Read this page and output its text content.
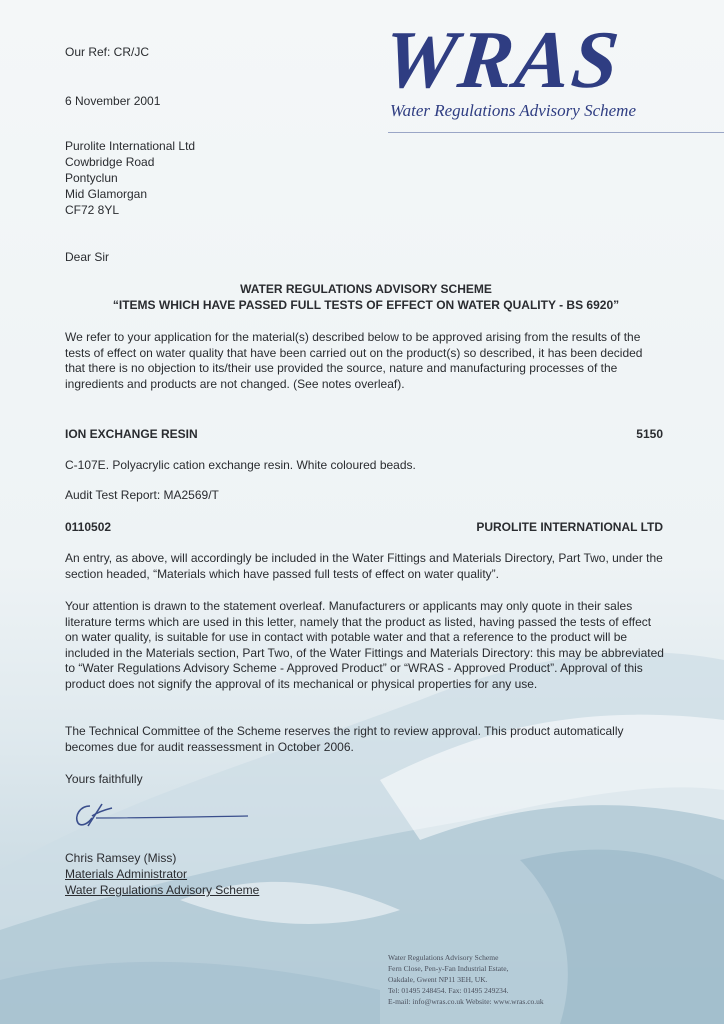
WRAS
Water Regulations Advisory Scheme
Our Ref: CR/JC
6 November 2001
Purolite International Ltd
Cowbridge Road
Pontyclun
Mid Glamorgan
CF72 8YL
Dear Sir
WATER REGULATIONS ADVISORY SCHEME
“ITEMS WHICH HAVE PASSED FULL TESTS OF EFFECT ON WATER QUALITY - BS 6920”
We refer to your application for the material(s) described below to be approved arising from the results of the tests of effect on water quality that have been carried out on the product(s) so described, it has been decided that there is no objection to its/their use provided the source, nature and manufacturing processes of the ingredients and products are not changed. (See notes overleaf).
ION EXCHANGE RESIN	5150
C-107E. Polyacrylic cation exchange resin. White coloured beads.
Audit Test Report: MA2569/T
0110502	PUROLITE INTERNATIONAL LTD
An entry, as above, will accordingly be included in the Water Fittings and Materials Directory, Part Two, under the section headed, “Materials which have passed full tests of effect on water quality”.
Your attention is drawn to the statement overleaf. Manufacturers or applicants may only quote in their sales literature terms which are used in this letter, namely that the product as listed, having passed the tests of effect on water quality, is suitable for use in contact with potable water and that a reference to the product will be included in the Materials section, Part Two, of the Water Fittings and Materials Directory: this may be abbreviated to “Water Regulations Advisory Scheme - Approved Product” or “WRAS - Approved Product”. Approval of this product does not signify the approval of its mechanical or physical properties for any use.
The Technical Committee of the Scheme reserves the right to review approval. This product automatically becomes due for audit reassessment in October 2006.
Yours faithfully
Chris Ramsey (Miss)
Materials Administrator
Water Regulations Advisory Scheme
Water Regulations Advisory Scheme
Fern Close, Pen-y-Fan Industrial Estate,
Oakdale, Gwent NP11 3EH, UK.
Tel: 01495 248454. Fax: 01495 249234.
E-mail: info@wras.co.uk Website: www.wras.co.uk
